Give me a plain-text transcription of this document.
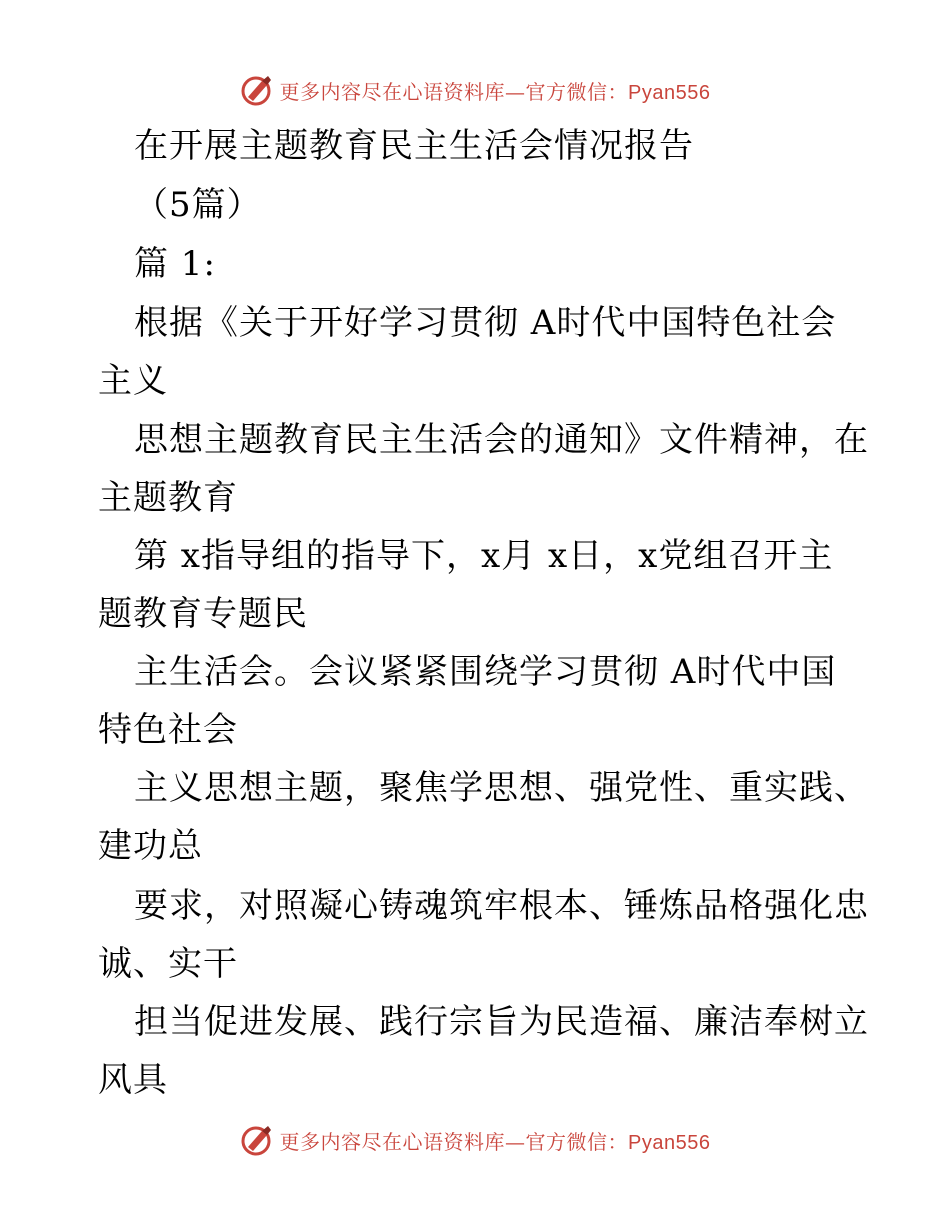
更多内容尽在心语资料库—官方微信：Pyan556
在开展主题教育民主生活会情况报告
（5篇）
篇 1:
根据《关于开好学习贯彻 A时代中国特色社会
主义
思想主题教育民主生活会的通知》文件精神，在
主题教育
第 x指导组的指导下，x月 x日，x党组召开主
题教育专题民
主生活会。会议紧紧围绕学习贯彻 A时代中国
特色社会
主义思想主题，聚焦学思想、强党性、重实践、
建功总
要求，对照凝心铸魂筑牢根本、锤炼品格强化忠
诚、实干
担当促进发展、践行宗旨为民造福、廉洁奉树立
风具
更多内容尽在心语资料库—官方微信：Pyan556
